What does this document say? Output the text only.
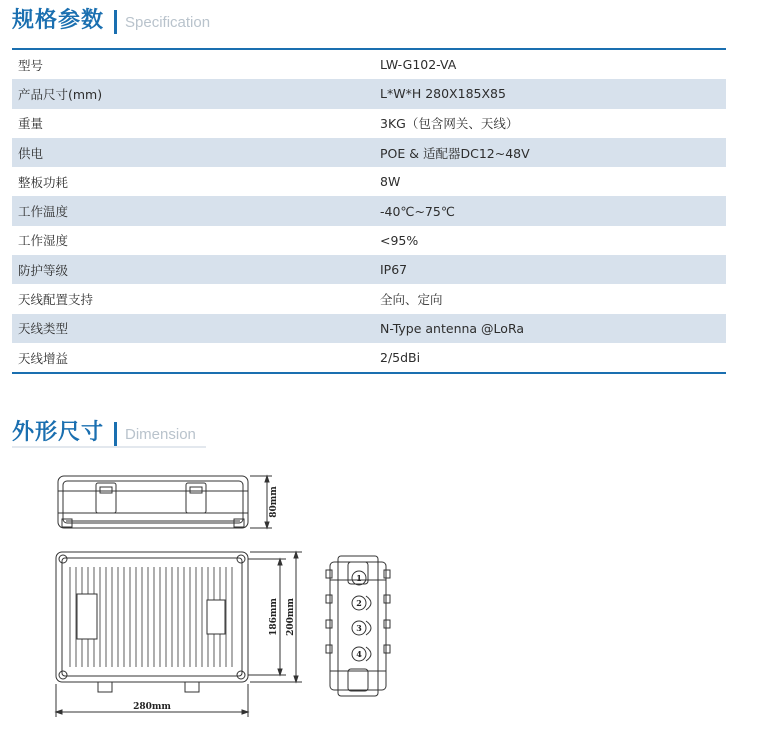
规格参数 Specification
型号	LW-G102-VA
产品尺寸(mm)	L*W*H 280X185X85
重量	3KG（包含网关、天线）
供电	POE & 适配器DC12~48V
整板功耗	8W
工作温度	-40℃~75℃
工作湿度	<95%
防护等级	IP67
天线配置支持	全向、定向
天线类型	N-Type antenna @LoRa
天线增益	2/5dBi
外形尺寸 Dimension
80mm
186mm 200mm
280mm
1
2
3
4
